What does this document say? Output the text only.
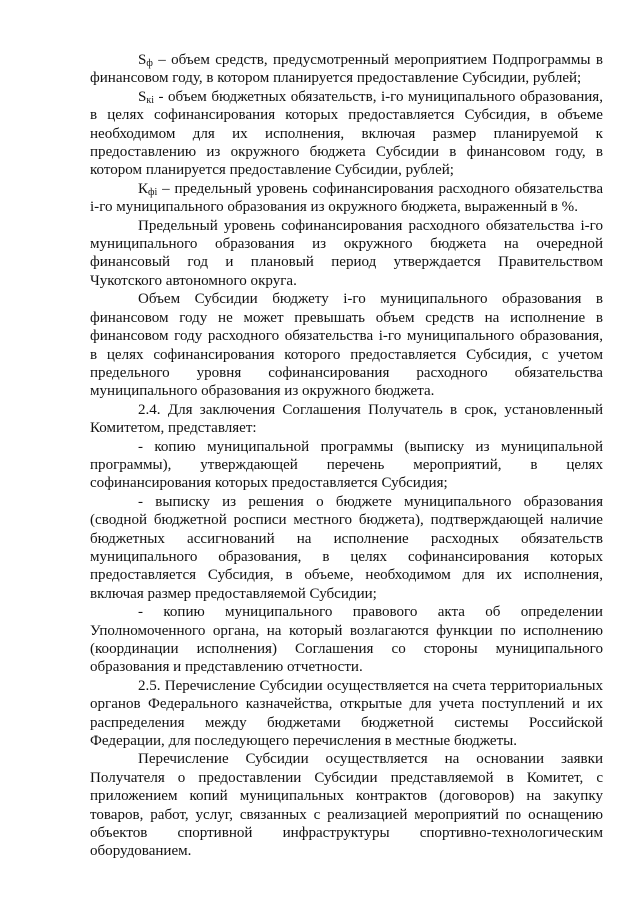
$S_ф$ – объем средств, предусмотренный мероприятием Подпрограммы в
финансовом году, в котором планируется предоставление Субсидии, рублей;
$S_{кi}$ - объем бюджетных обязательств, i-го муниципального образования,
в целях софинансирования которых предоставляется Субсидия, в объеме
необходимом для их исполнения, включая размер планируемой к
предоставлению из окружного бюджета Субсидии в финансовом году, в
котором планируется предоставление Субсидии, рублей;
$К_{фi}$ – предельный уровень софинансирования расходного обязательства
i-го муниципального образования из окружного бюджета, выраженный в %.
Предельный уровень софинансирования расходного обязательства i-го
муниципального образования из окружного бюджета на очередной
финансовый год и плановый период утверждается Правительством
Чукотского автономного округа.
Объем Субсидии бюджету i-го муниципального образования в
финансовом году не может превышать объем средств на исполнение в
финансовом году расходного обязательства i-го муниципального образования,
в целях софинансирования которого предоставляется Субсидия, с учетом
предельного уровня софинансирования расходного обязательства
муниципального образования из окружного бюджета.
2.4. Для заключения Соглашения Получатель в срок, установленный
Комитетом, представляет:
- копию муниципальной программы (выписку из муниципальной
программы), утверждающей перечень мероприятий, в целях
софинансирования которых предоставляется Субсидия;
- выписку из решения о бюджете муниципального образования
(сводной бюджетной росписи местного бюджета), подтверждающей наличие
бюджетных ассигнований на исполнение расходных обязательств
муниципального образования, в целях софинансирования которых
предоставляется Субсидия, в объеме, необходимом для их исполнения,
включая размер предоставляемой Субсидии;
- копию муниципального правового акта об определении
Уполномоченного органа, на который возлагаются функции по исполнению
(координации исполнения) Соглашения со стороны муниципального
образования и представлению отчетности.
2.5. Перечисление Субсидии осуществляется на счета территориальных
органов Федерального казначейства, открытые для учета поступлений и их
распределения между бюджетами бюджетной системы Российской
Федерации, для последующего перечисления в местные бюджеты.
Перечисление Субсидии осуществляется на основании заявки
Получателя о предоставлении Субсидии представляемой в Комитет, с
приложением копий муниципальных контрактов (договоров) на закупку
товаров, работ, услуг, связанных с реализацией мероприятий по оснащению
объектов спортивной инфраструктуры спортивно-технологическим
оборудованием.
